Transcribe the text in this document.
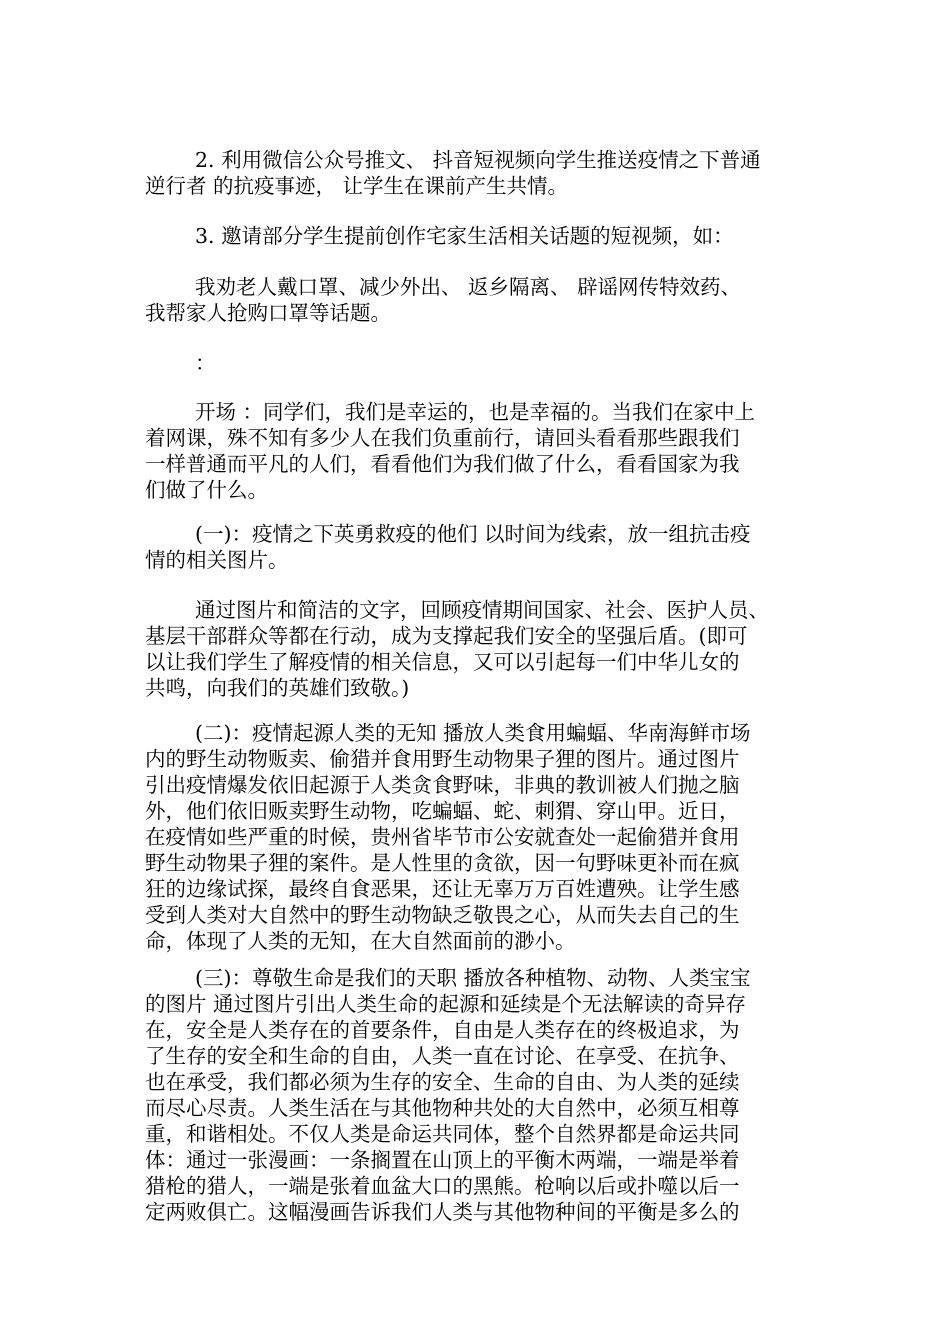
2. 利用微信公众号推文、 抖音短视频向学生推送疫情之下普通
逆行者 的抗疫事迹， 让学生在课前产生共情。
3. 邀请部分学生提前创作宅家生活相关话题的短视频，如：
我劝老人戴口罩、减少外出、 返乡隔离、 辟谣网传特效药、
我帮家人抢购口罩等话题。
：
开场 ：同学们，我们是幸运的，也是幸福的。当我们在家中上
着网课，殊不知有多少人在我们负重前行，请回头看看那些跟我们
一样普通而平凡的人们，看看他们为我们做了什么，看看国家为我
们做了什么。
(一)：疫情之下英勇救疫的他们 以时间为线索，放一组抗击疫
情的相关图片。
通过图片和简洁的文字，回顾疫情期间国家、社会、医护人员、
基层干部群众等都在行动，成为支撑起我们安全的坚强后盾。(即可
以让我们学生了解疫情的相关信息，又可以引起每一们中华儿女的
共鸣，向我们的英雄们致敬。)
(二)：疫情起源人类的无知 播放人类食用蝙蝠、华南海鲜市场
内的野生动物贩卖、偷猎并食用野生动物果子狸的图片。通过图片
引出疫情爆发依旧起源于人类贪食野味，非典的教训被人们抛之脑
外，他们依旧贩卖野生动物，吃蝙蝠、蛇、刺猬、穿山甲。近日，
在疫情如些严重的时候，贵州省毕节市公安就查处一起偷猎并食用
野生动物果子狸的案件。是人性里的贪欲，因一句野味更补而在疯
狂的边缘试探，最终自食恶果，还让无辜万万百姓遭殃。让学生感
受到人类对大自然中的野生动物缺乏敬畏之心，从而失去自己的生
命，体现了人类的无知，在大自然面前的渺小。
(三)：尊敬生命是我们的天职 播放各种植物、动物、人类宝宝
的图片 通过图片引出人类生命的起源和延续是个无法解读的奇异存
在，安全是人类存在的首要条件，自由是人类存在的终极追求，为
了生存的安全和生命的自由，人类一直在讨论、在享受、在抗争、
也在承受，我们都必须为生存的安全、生命的自由、为人类的延续
而尽心尽责。人类生活在与其他物种共处的大自然中，必须互相尊
重，和谐相处。不仅人类是命运共同体，整个自然界都是命运共同
体：通过一张漫画：一条搁置在山顶上的平衡木两端，一端是举着
猎枪的猎人，一端是张着血盆大口的黑熊。枪响以后或扑噬以后一
定两败俱亡。这幅漫画告诉我们人类与其他物种间的平衡是多么的
